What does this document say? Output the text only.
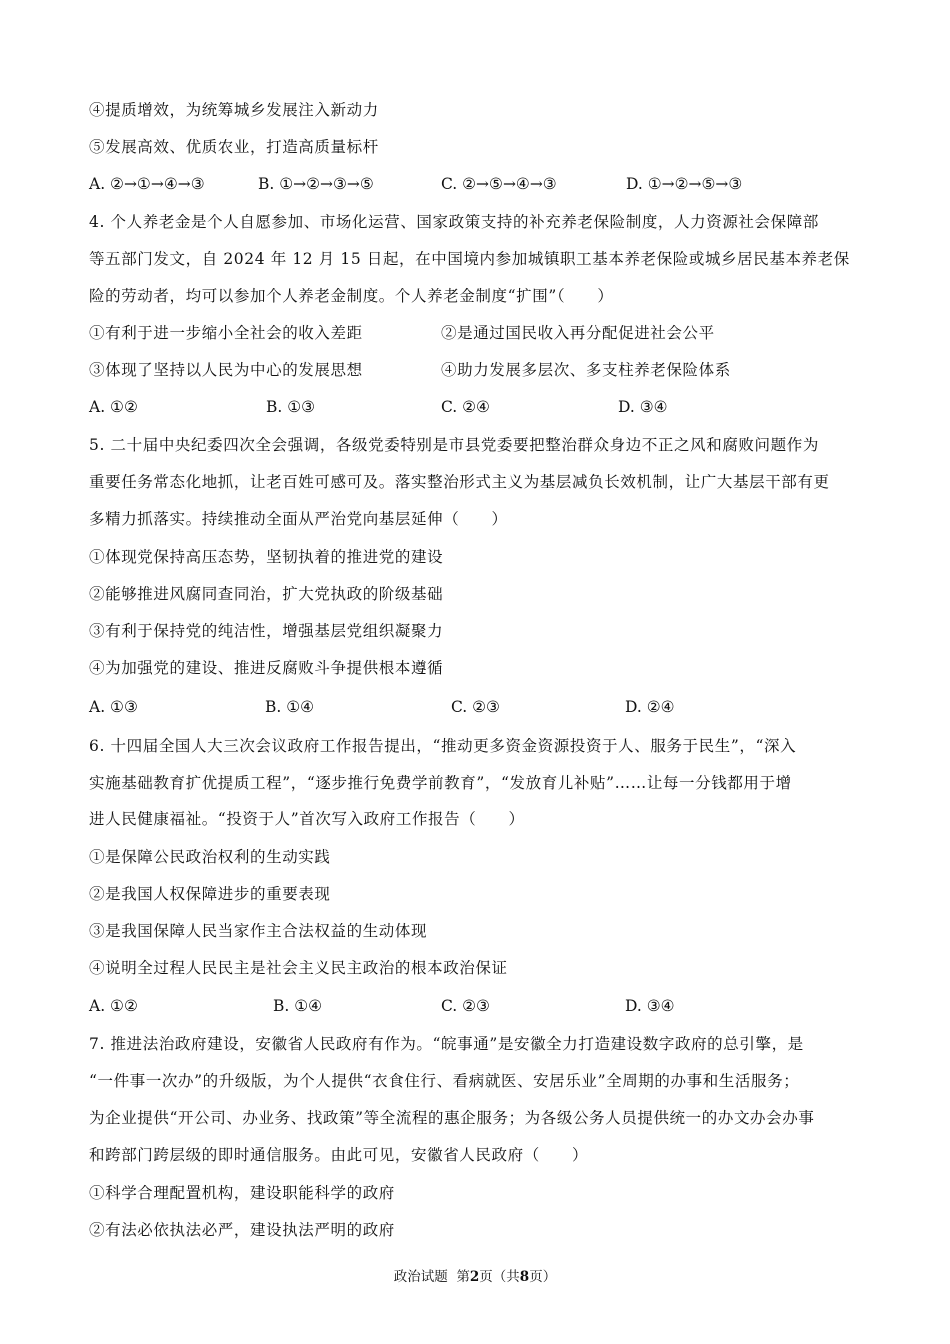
④提质增效，为统筹城乡发展注入新动力
⑤发展高效、优质农业，打造高质量标杆
A. ②→①→④→③	B. ①→②→③→⑤	C. ②→⑤→④→③	D. ①→②→⑤→③
4. 个人养老金是个人自愿参加、市场化运营、国家政策支持的补充养老保险制度，人力资源社会保障部
等五部门发文，自 2024 年 12 月 15 日起，在中国境内参加城镇职工基本养老保险或城乡居民基本养老保
险的劳动者，均可以参加个人养老金制度。个人养老金制度“扩围”（　　）
①有利于进一步缩小全社会的收入差距	②是通过国民收入再分配促进社会公平
③体现了坚持以人民为中心的发展思想	④助力发展多层次、多支柱养老保险体系
A. ①②	B. ①③	C. ②④	D. ③④
5. 二十届中央纪委四次全会强调，各级党委特别是市县党委要把整治群众身边不正之风和腐败问题作为
重要任务常态化地抓，让老百姓可感可及。落实整治形式主义为基层减负长效机制，让广大基层干部有更
多精力抓落实。持续推动全面从严治党向基层延伸（　　）
①体现党保持高压态势，坚韧执着的推进党的建设
②能够推进风腐同查同治，扩大党执政的阶级基础
③有利于保持党的纯洁性，增强基层党组织凝聚力
④为加强党的建设、推进反腐败斗争提供根本遵循
A. ①③	B. ①④	C. ②③	D. ②④
6. 十四届全国人大三次会议政府工作报告提出，“推动更多资金资源投资于人、服务于民生”，“深入
实施基础教育扩优提质工程”，“逐步推行免费学前教育”，“发放育儿补贴”……让每一分钱都用于增
进人民健康福祉。“投资于人”首次写入政府工作报告（　　）
①是保障公民政治权利的生动实践
②是我国人权保障进步的重要表现
③是我国保障人民当家作主合法权益的生动体现
④说明全过程人民民主是社会主义民主政治的根本政治保证
A. ①②	B. ①④	C. ②③	D. ③④
7. 推进法治政府建设，安徽省人民政府有作为。“皖事通”是安徽全力打造建设数字政府的总引擎，是
“一件事一次办”的升级版，为个人提供“衣食住行、看病就医、安居乐业”全周期的办事和生活服务；
为企业提供“开公司、办业务、找政策”等全流程的惠企服务；为各级公务人员提供统一的办文办会办事
和跨部门跨层级的即时通信服务。由此可见，安徽省人民政府（　　）
①科学合理配置机构，建设职能科学的政府
②有法必依执法必严，建设执法严明的政府
政治试题 第2页（共8页）
